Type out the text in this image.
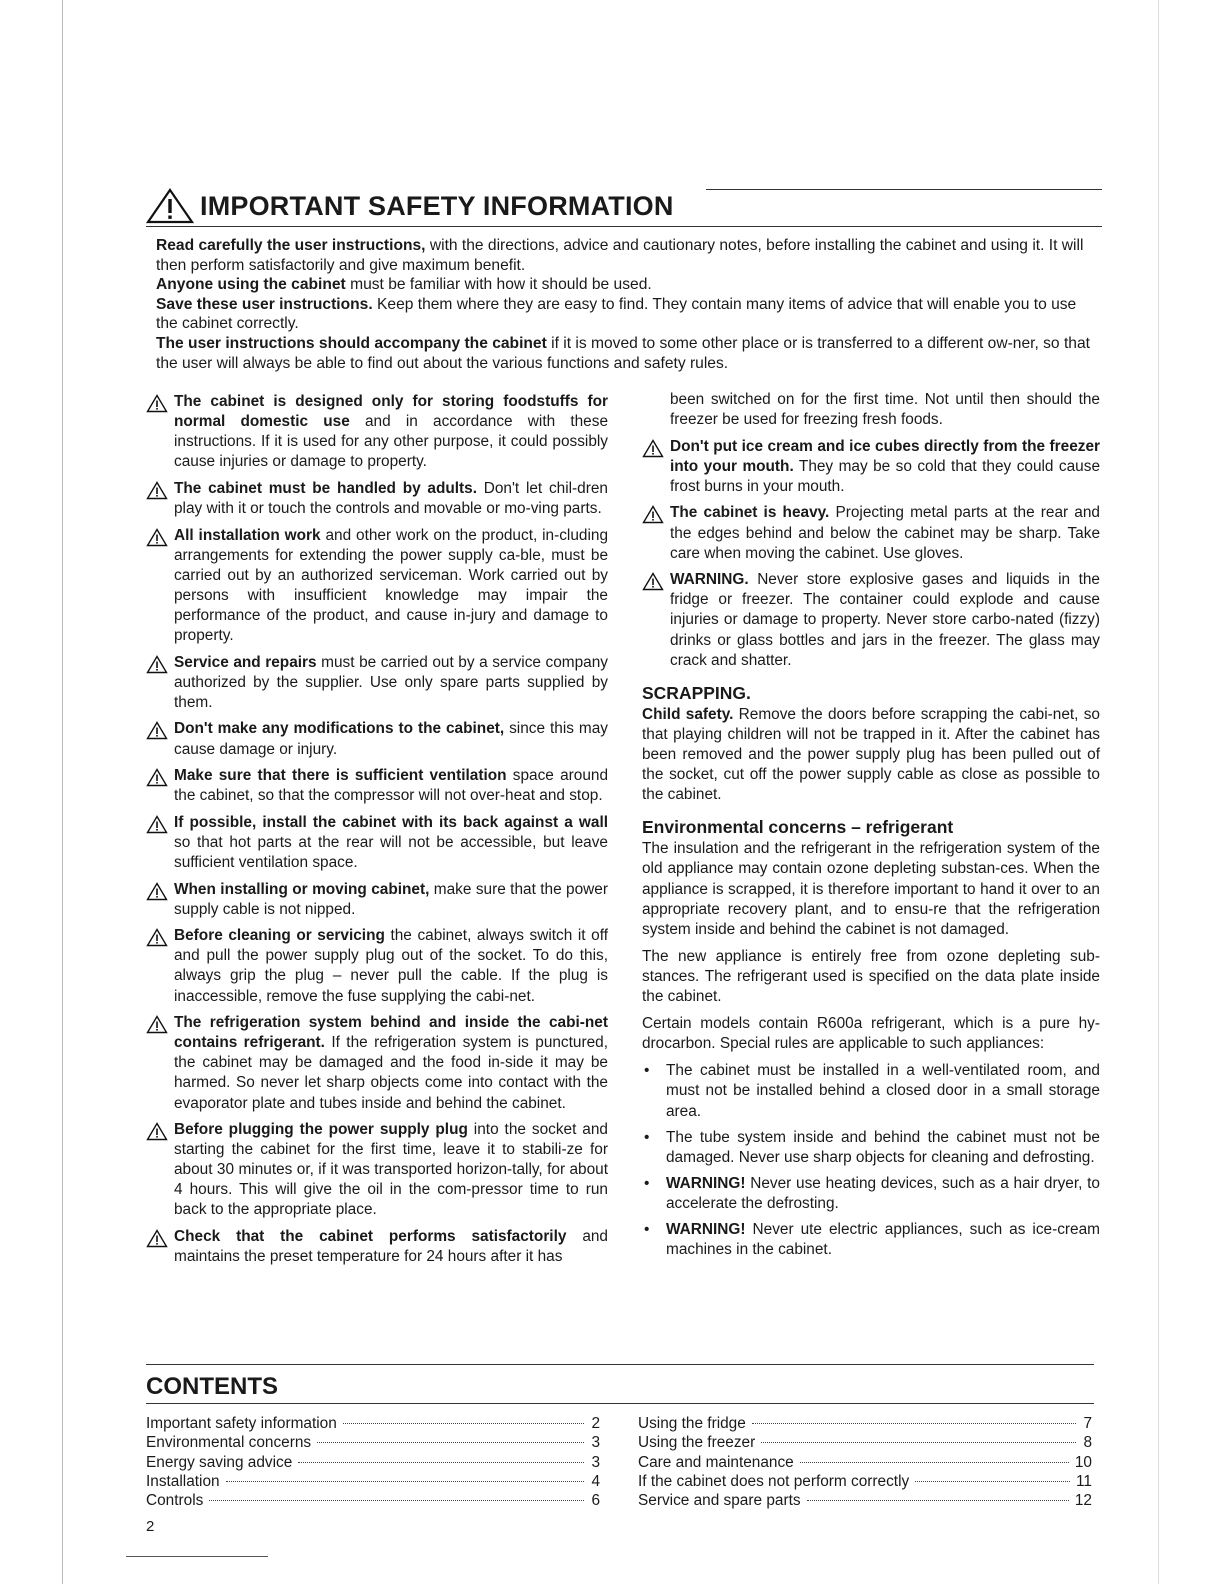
IMPORTANT SAFETY INFORMATION

Read carefully the user instructions, with the directions, advice and cautionary notes, before installing the cabinet and using it. It will then perform satisfactorily and give maximum benefit.

Anyone using the cabinet must be familiar with how it should be used.

Save these user instructions. Keep them where they are easy to find. They contain many items of advice that will enable you to use the cabinet correctly.

The user instructions should accompany the cabinet if it is moved to some other place or is transferred to a different ow-ner, so that the user will always be able to find out about the various functions and safety rules.

The cabinet is designed only for storing foodstuffs for normal domestic use and in accordance with these instructions. If it is used for any other purpose, it could possibly cause injuries or damage to property.
The cabinet must be handled by adults. Don't let chil-dren play with it or touch the controls and movable or mo-ving parts.
All installation work and other work on the product, in-cluding arrangements for extending the power supply ca-ble, must be carried out by an authorized serviceman. Work carried out by persons with insufficient knowledge may impair the performance of the product, and cause in-jury and damage to property.
Service and repairs must be carried out by a service company authorized by the supplier. Use only spare parts supplied by them.
Don't make any modifications to the cabinet, since this may cause damage or injury.
Make sure that there is sufficient ventilation space around the cabinet, so that the compressor will not over-heat and stop.
If possible, install the cabinet with its back against a wall so that hot parts at the rear will not be accessible, but leave sufficient ventilation space.
When installing or moving cabinet, make sure that the power supply cable is not nipped.
Before cleaning or servicing the cabinet, always switch it off and pull the power supply plug out of the socket. To do this, always grip the plug – never pull the cable. If the plug is inaccessible, remove the fuse supplying the cabi-net.
The refrigeration system behind and inside the cabi-net contains refrigerant. If the refrigeration system is punctured, the cabinet may be damaged and the food in-side it may be harmed. So never let sharp objects come into contact with the evaporator plate and tubes inside and behind the cabinet.
Before plugging the power supply plug into the socket and starting the cabinet for the first time, leave it to stabili-ze for about 30 minutes or, if it was transported horizon-tally, for about 4 hours. This will give the oil in the com-pressor time to run back to the appropriate place.
Check that the cabinet performs satisfactorily and maintains the preset temperature for 24 hours after it has
been switched on for the first time. Not until then should the freezer be used for freezing fresh foods.
Don't put ice cream and ice cubes directly from the freezer into your mouth. They may be so cold that they could cause frost burns in your mouth.
The cabinet is heavy. Projecting metal parts at the rear and the edges behind and below the cabinet may be sharp. Take care when moving the cabinet. Use gloves.
WARNING. Never store explosive gases and liquids in the fridge or freezer. The container could explode and cause injuries or damage to property. Never store carbo-nated (fizzy) drinks or glass bottles and jars in the freezer. The glass may crack and shatter.
SCRAPPING.

Child safety. Remove the doors before scrapping the cabi-net, so that playing children will not be trapped in it. After the cabinet has been removed and the power supply plug has been pulled out of the socket, cut off the power supply cable as close as possible to the cabinet.

Environmental concerns – refrigerant

The insulation and the refrigerant in the refrigeration system of the old appliance may contain ozone depleting substan-ces. When the appliance is scrapped, it is therefore important to hand it over to an appropriate recovery plant, and to ensu-re that the refrigeration system inside and behind the cabinet is not damaged.

The new appliance is entirely free from ozone depleting sub-stances. The refrigerant used is specified on the data plate inside the cabinet.

Certain models contain R600a refrigerant, which is a pure hy-drocarbon. Special rules are applicable to such appliances:

• The cabinet must be installed in a well-ventilated room, and must not be installed behind a closed door in a small storage area.
• The tube system inside and behind the cabinet must not be damaged. Never use sharp objects for cleaning and defrosting.
• WARNING! Never use heating devices, such as a hair dryer, to accelerate the defrosting.
• WARNING! Never ute electric appliances, such as ice-cream machines in the cabinet.
CONTENTS
Important safety information	2
Environmental concerns	3
Energy saving advice	3
Installation	4
Controls	6
Using the fridge	7
Using the freezer	8
Care and maintenance	10
If the cabinet does not perform correctly	11
Service and spare parts	12
2
